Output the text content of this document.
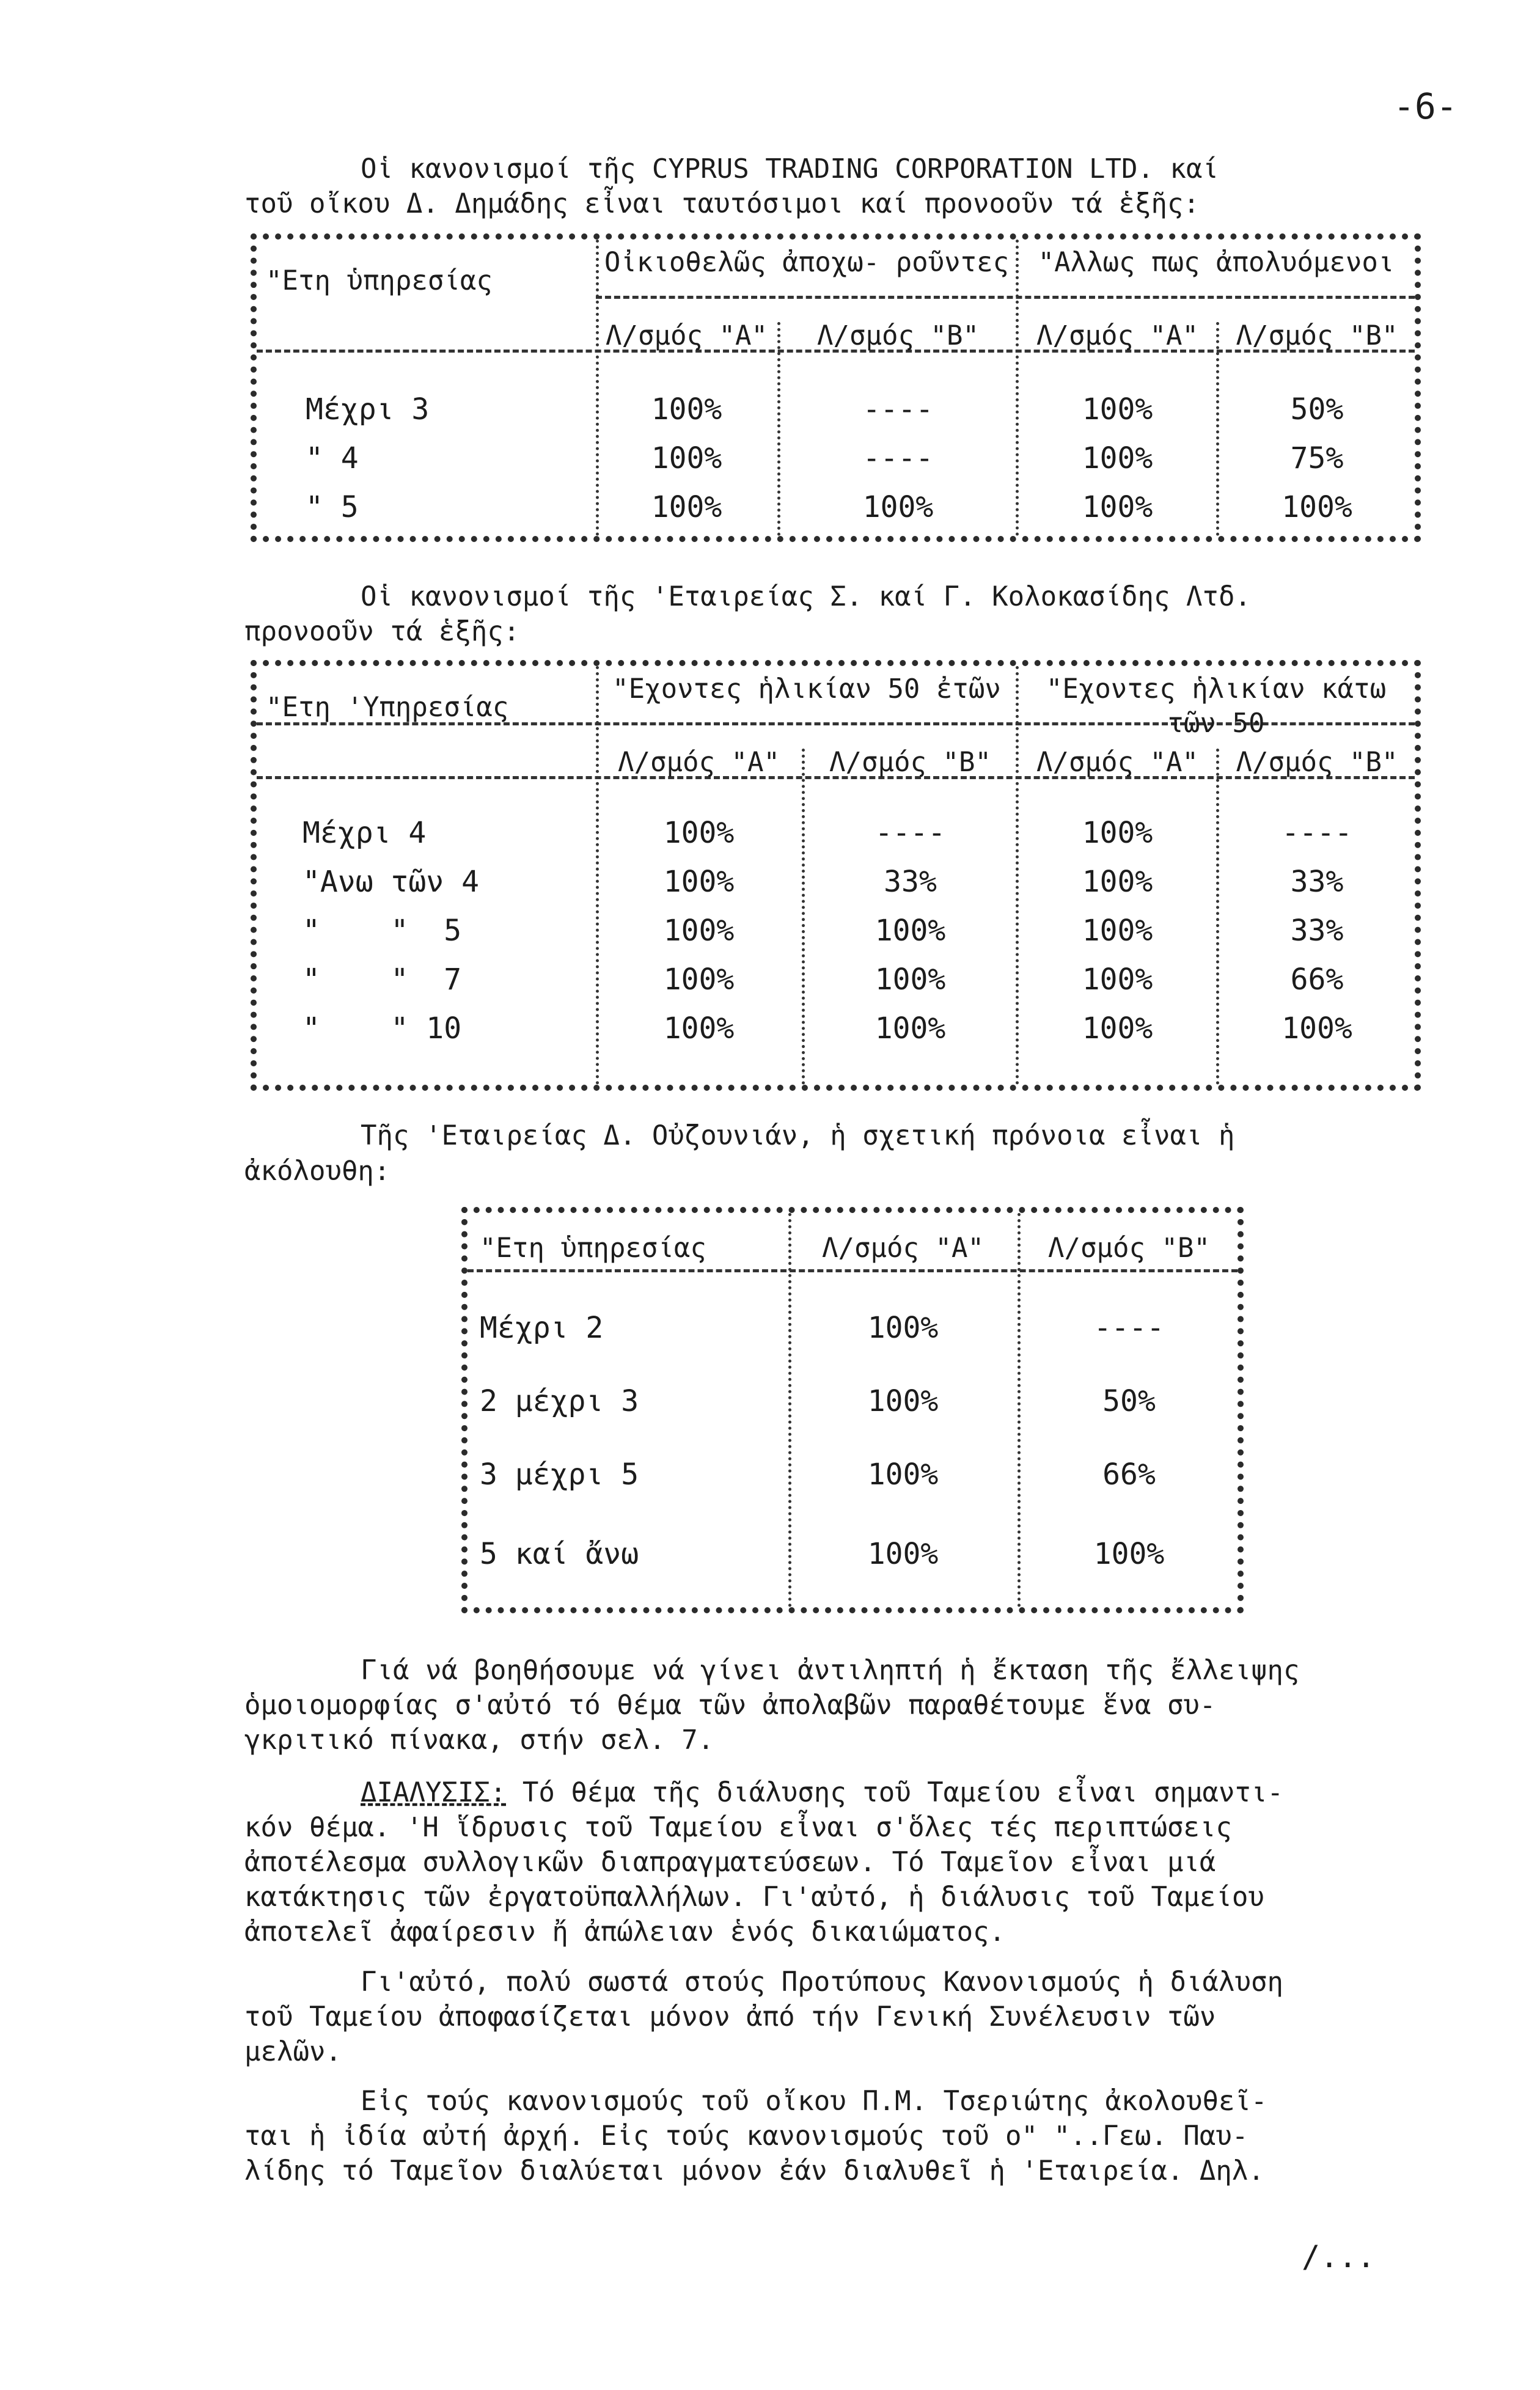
-6-
Οἱ κανονισμοί τῆς CYPRUS TRADING CORPORATION LTD. καί
τοῦ οἴκου Δ. Δημάδης εἶναι ταυτόσιμοι καί προνοοῦν τά ἑξῆς:
"Ετη ὑπηρεσίας
Οἰκιοθελῶς ἀποχω- ροῦντες	"Αλλως πως ἀπολυόμενοι
Λ/σμός "Α"	Λ/σμός "Β"	Λ/σμός "Α"	Λ/σμός "Β"
Μέχρι 3	100%	----	100%	50%
" 4	100%	----	100%	75%
" 5	100%	100%	100%	100%
Οἱ κανονισμοί τῆς 'Εταιρείας Σ. καί Γ. Κολοκασίδης Λτδ.
προνοοῦν τά ἑξῆς:
"Ετη 'Υπηρεσίας
"Εχοντες ἡλικίαν 50 ἐτῶν	"Εχοντες ἡλικίαν κάτω τῶν 50
Λ/σμός "Α"	Λ/σμός "Β"	Λ/σμός "Α"	Λ/σμός "Β"
Μέχρι 4	100%	----	100%	----
"Ανω τῶν 4	100%	33%	100%	33%
"    "  5	100%	100%	100%	33%
"    "  7	100%	100%	100%	66%
"    " 10	100%	100%	100%	100%
Τῆς 'Εταιρείας Δ. Οὐζουνιάν, ἡ σχετική πρόνοια εἶναι ἡ
ἀκόλουθη:
"Ετη ὑπηρεσίας	Λ/σμός "Α"	Λ/σμός "Β"
Μέχρι 2	100%	----
2 μέχρι 3	100%	50%
3 μέχρι 5	100%	66%
5 καί ἄνω	100%	100%
Γιά νά βοηθήσουμε νά γίνει ἀντιληπτή ἡ ἔκταση τῆς ἔλλειψης
ὁμοιομορφίας σ'αὐτό τό θέμα τῶν ἀπολαβῶν παραθέτουμε ἕνα συ-
γκριτικό πίνακα, στήν σελ. 7.
ΔΙΑΛΥΣΙΣ: Τό θέμα τῆς διάλυσης τοῦ Ταμείου εἶναι σημαντι-
κόν θέμα. 'Η ἵδρυσις τοῦ Ταμείου εἶναι σ'ὅλες τές περιπτώσεις
ἀποτέλεσμα συλλογικῶν διαπραγματεύσεων. Τό Ταμεῖον εἶναι μιά
κατάκτησις τῶν ἐργατοϋπαλλήλων. Γι'αὐτό, ἡ διάλυσις τοῦ Ταμείου
ἀποτελεῖ ἀφαίρεσιν ἤ ἀπώλειαν ἑνός δικαιώματος.
Γι'αὐτό, πολύ σωστά στούς Προτύπους Κανονισμούς ἡ διάλυση
τοῦ Ταμείου ἀποφασίζεται μόνον ἀπό τήν Γενική Συνέλευσιν τῶν
μελῶν.
Εἰς τούς κανονισμούς τοῦ οἴκου Π.Μ. Τσεριώτης ἀκολουθεῖ-
ται ἡ ἰδία αὐτή ἀρχή. Εἰς τούς κανονισμούς τοῦ ο" "..Γεω. Παυ-
λίδης τό Ταμεῖον διαλύεται μόνον ἐάν διαλυθεῖ ἡ 'Εταιρεία. Δηλ.
/...
